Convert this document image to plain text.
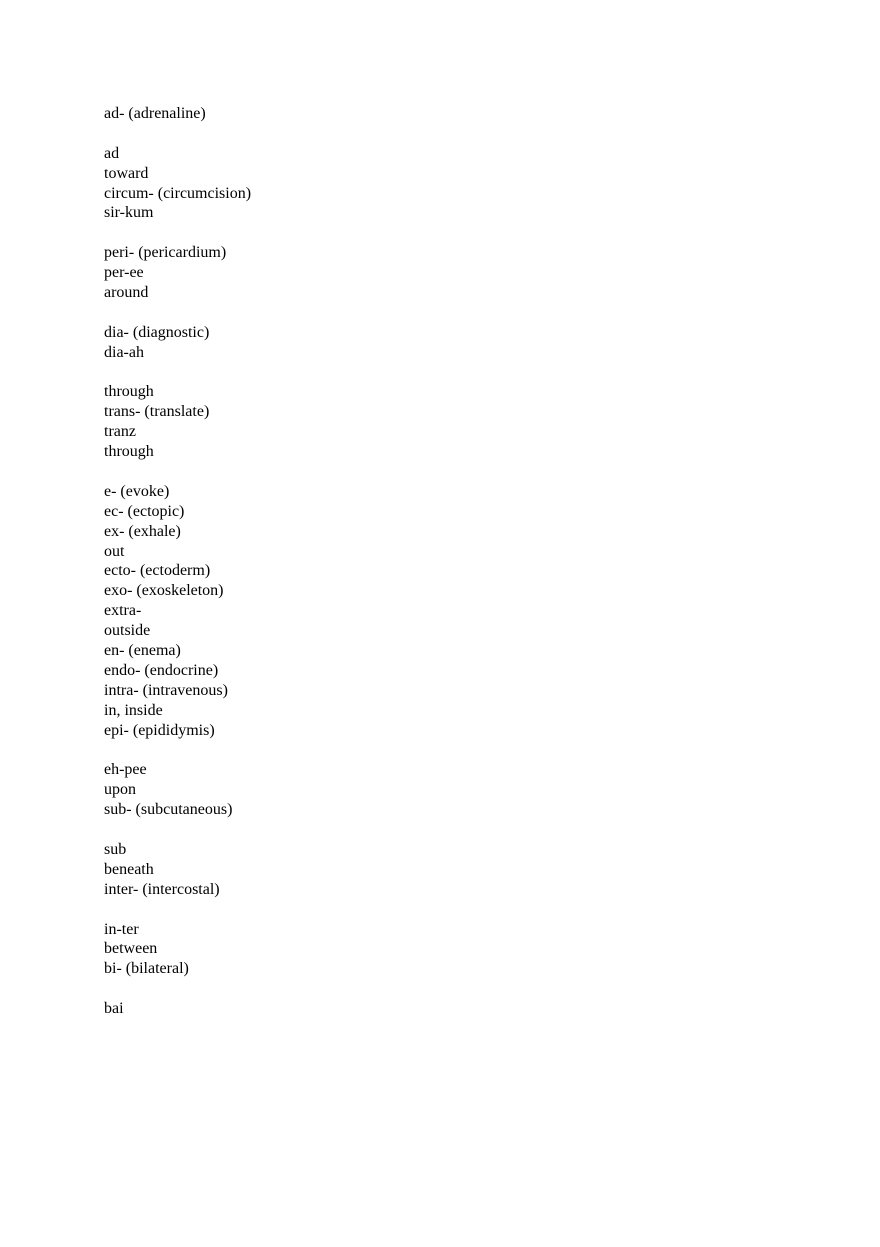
ad- (adrenaline)
ad
toward
circum- (circumcision)
sir-kum
peri- (pericardium)
per-ee
around
dia- (diagnostic)
dia-ah
through
trans- (translate)
tranz
through
e- (evoke)
ec- (ectopic)
ex- (exhale)
out
ecto- (ectoderm)
exo- (exoskeleton)
extra-
outside
en- (enema)
endo- (endocrine)
intra- (intravenous)
in, inside
epi- (epididymis)
eh-pee
upon
sub- (subcutaneous)
sub
beneath
inter- (intercostal)
in-ter
between
bi- (bilateral)
bai
